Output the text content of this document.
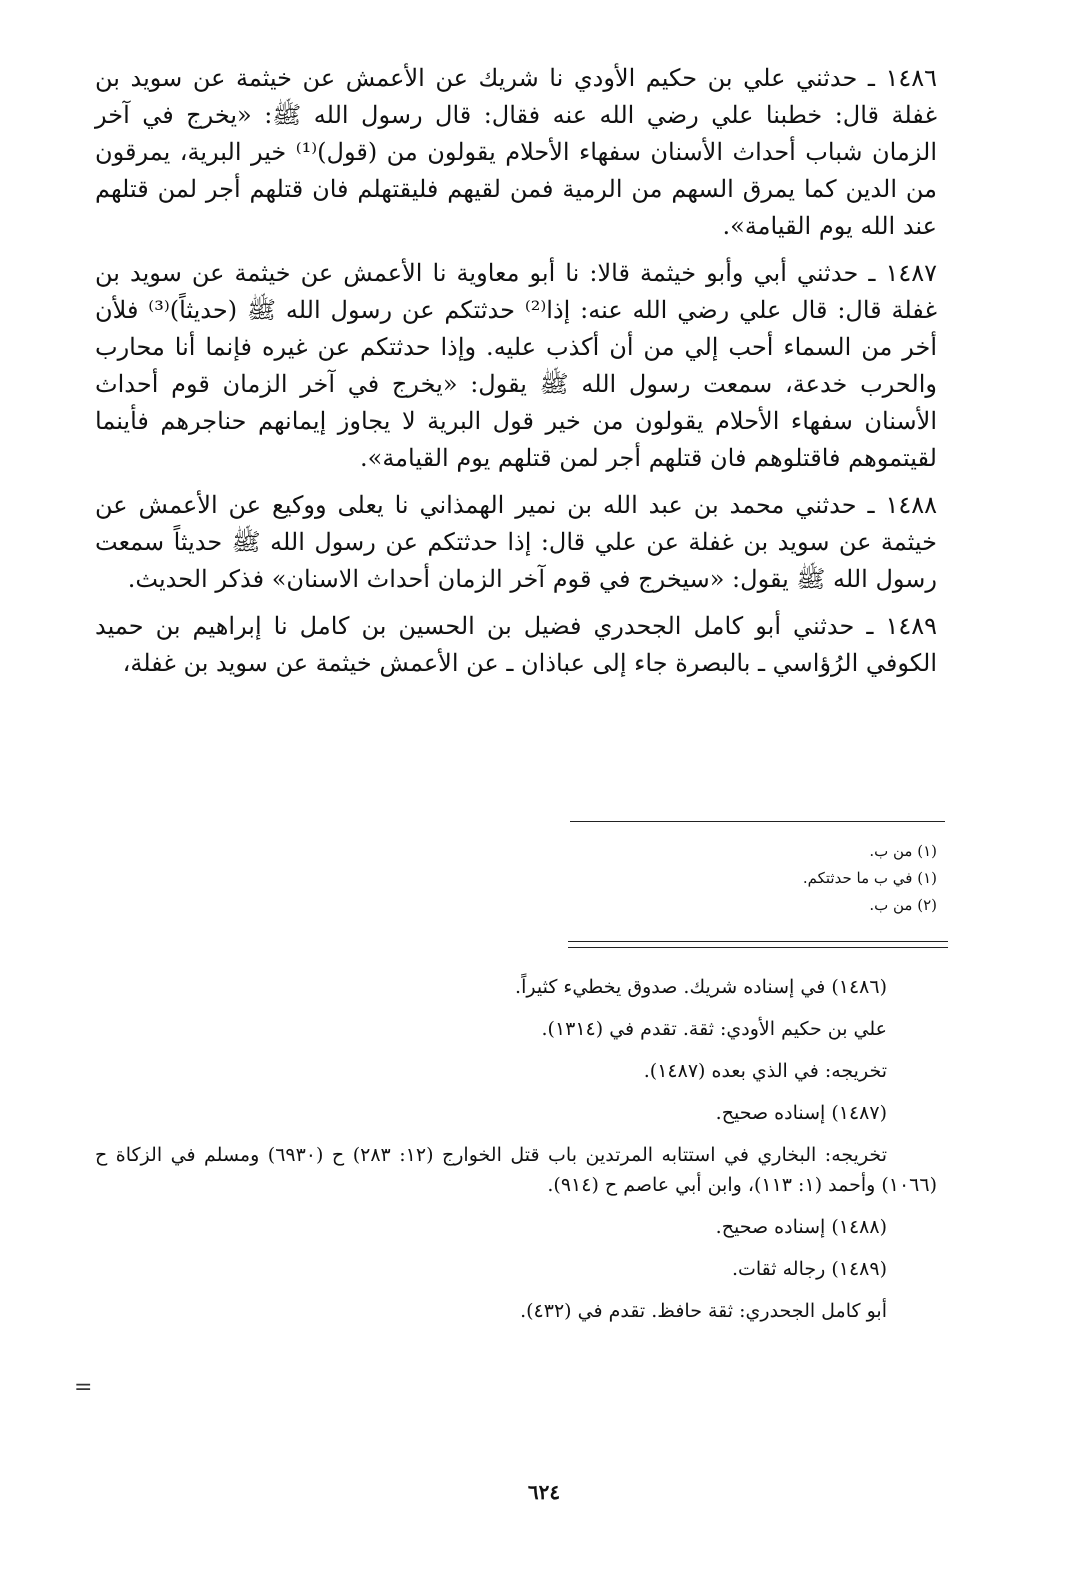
١٤٨٦ ـ حدثني علي بن حكيم الأودي نا شريك عن الأعمش عن خيثمة عن سويد بن غفلة قال: خطبنا علي رضي الله عنه فقال: قال رسول الله ﷺ: «يخرج في آخر الزمان شباب أحداث الأسنان سفهاء الأحلام يقولون من (قول)⁽¹⁾ خير البرية، يمرقون من الدين كما يمرق السهم من الرمية فمن لقيهم فليقتهلم فان قتلهم أجر لمن قتلهم عند الله يوم القيامة».

١٤٨٧ ـ حدثني أبي وأبو خيثمة قالا: نا أبو معاوية نا الأعمش عن خيثمة عن سويد بن غفلة قال: قال علي رضي الله عنه: إذا⁽²⁾ حدثتكم عن رسول الله ﷺ (حديثاً)⁽³⁾ فلأن أخر من السماء أحب إلي من أن أكذب عليه. وإذا حدثتكم عن غيره فإنما أنا محارب والحرب خدعة، سمعت رسول الله ﷺ يقول: «يخرج في آخر الزمان قوم أحداث الأسنان سفهاء الأحلام يقولون من خير قول البرية لا يجاوز إيمانهم حناجرهم فأينما لقيتموهم فاقتلوهم فان قتلهم أجر لمن قتلهم يوم القيامة».

١٤٨٨ ـ حدثني محمد بن عبد الله بن نمير الهمذاني نا يعلى ووكيع عن الأعمش عن خيثمة عن سويد بن غفلة عن علي قال: إذا حدثتكم عن رسول الله ﷺ حديثاً سمعت رسول الله ﷺ يقول: «سيخرج في قوم آخر الزمان أحداث الاسنان» فذكر الحديث.

١٤٨٩ ـ حدثني أبو كامل الجحدري فضيل بن الحسين بن كامل نا إبراهيم بن حميد الكوفي الرُؤاسي ـ بالبصرة جاء إلى عباذان ـ عن الأعمش خيثمة عن سويد بن غفلة،

(١) من ب.
(١) في ب ما حدثتكم.
(٢) من ب.
(١٤٨٦) في إسناده شريك. صدوق يخطيء كثيراً.
علي بن حكيم الأودي: ثقة. تقدم في (١٣١٤).
تخريجه: في الذي بعده (١٤٨٧).
(١٤٨٧) إسناده صحيح.
تخريجه: البخاري في استتابه المرتدين باب قتل الخوارج (١٢: ٢٨٣) ح (٦٩٣٠) ومسلم في الزكاة ح (١٠٦٦) وأحمد (١: ١١٣)، وابن أبي عاصم ح (٩١٤).
(١٤٨٨) إسناده صحيح.
(١٤٨٩) رجاله ثقات.
أبو كامل الجحدري: ثقة حافظ. تقدم في (٤٣٢).
=
٦٢٤
